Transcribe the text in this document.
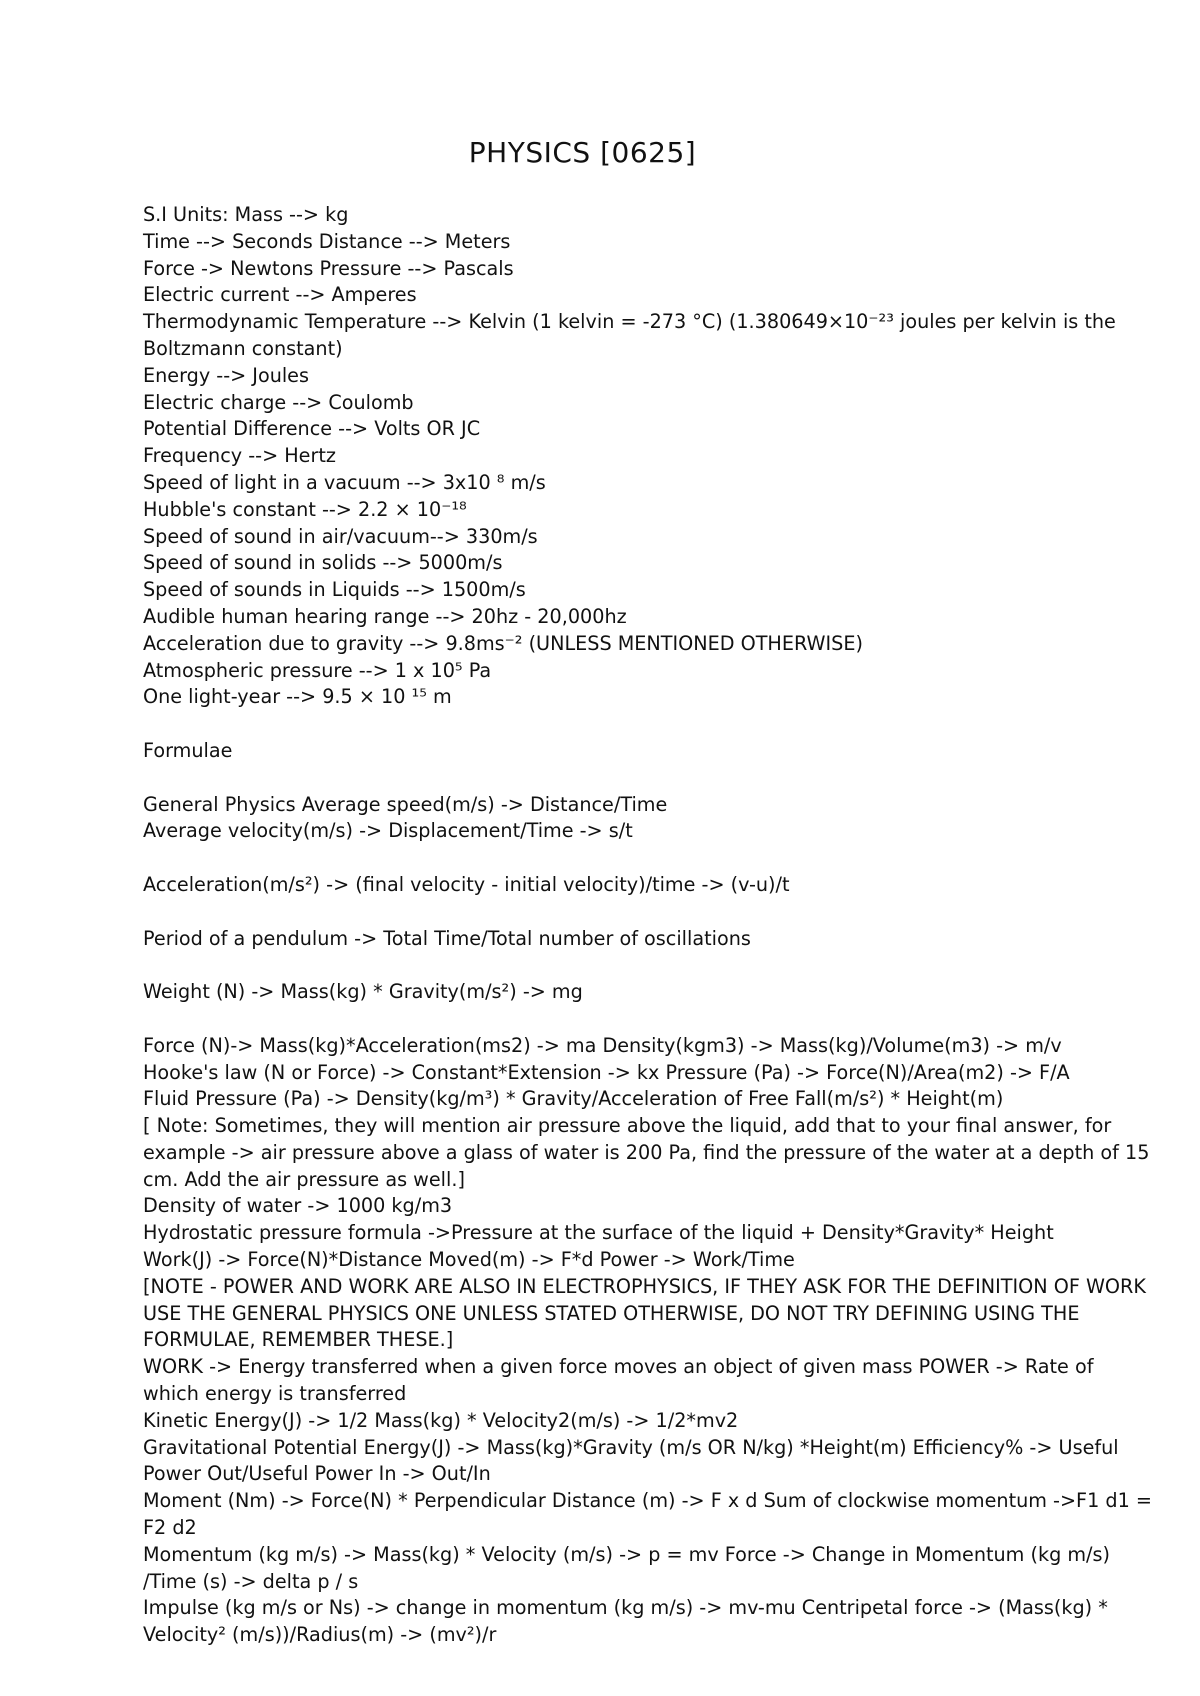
PHYSICS [0625]
S.I Units: Mass --> kg
Time --> Seconds Distance --> Meters
Force -> Newtons Pressure --> Pascals
Electric current --> Amperes
Thermodynamic Temperature --> Kelvin (1 kelvin = -273 °C) (1.380649×10⁻²³ joules per kelvin is the Boltzmann constant)
Energy --> Joules
Electric charge --> Coulomb
Potential Difference --> Volts OR JC
Frequency --> Hertz
Speed of light in a vacuum --> 3x10 ⁸ m/s
Hubble's constant --> 2.2 × 10⁻¹⁸
Speed of sound in air/vacuum--> 330m/s
Speed of sound in solids --> 5000m/s
Speed of sounds in Liquids --> 1500m/s
Audible human hearing range --> 20hz - 20,000hz
Acceleration due to gravity --> 9.8ms⁻² (UNLESS MENTIONED OTHERWISE)
Atmospheric pressure --> 1 x 10⁵ Pa
One light-year --> 9.5 × 10 ¹⁵ m
Formulae
General Physics Average speed(m/s) -> Distance/Time
Average velocity(m/s) -> Displacement/Time -> s/t
Acceleration(m/s²) -> (final velocity - initial velocity)/time -> (v-u)/t
Period of a pendulum -> Total Time/Total number of oscillations
Weight (N) -> Mass(kg) * Gravity(m/s²) -> mg
Force (N)-> Mass(kg)*Acceleration(ms2) -> ma Density(kgm3) -> Mass(kg)/Volume(m3) -> m/v
Hooke's law (N or Force) -> Constant*Extension -> kx Pressure (Pa) -> Force(N)/Area(m2) -> F/A
Fluid Pressure (Pa) -> Density(kg/m³) * Gravity/Acceleration of Free Fall(m/s²) * Height(m)
[ Note: Sometimes, they will mention air pressure above the liquid, add that to your final answer, for example -> air pressure above a glass of water is 200 Pa, find the pressure of the water at a depth of 15 cm. Add the air pressure as well.]
Density of water -> 1000 kg/m3
Hydrostatic pressure formula ->Pressure at the surface of the liquid + Density*Gravity* Height
Work(J) -> Force(N)*Distance Moved(m) -> F*d Power -> Work/Time
[NOTE - POWER AND WORK ARE ALSO IN ELECTROPHYSICS, IF THEY ASK FOR THE DEFINITION OF WORK USE THE GENERAL PHYSICS ONE UNLESS STATED OTHERWISE, DO NOT TRY DEFINING USING THE FORMULAE, REMEMBER THESE.]
WORK -> Energy transferred when a given force moves an object of given mass POWER -> Rate of which energy is transferred
Kinetic Energy(J) -> 1/2 Mass(kg) * Velocity2(m/s) -> 1/2*mv2
Gravitational Potential Energy(J) -> Mass(kg)*Gravity (m/s OR N/kg) *Height(m) Efficiency% -> Useful Power Out/Useful Power In -> Out/In
Moment (Nm) -> Force(N) * Perpendicular Distance (m) -> F x d Sum of clockwise momentum ->F1 d1 = F2 d2
Momentum (kg m/s) -> Mass(kg) * Velocity (m/s) -> p = mv Force -> Change in Momentum (kg m/s) /Time (s) -> delta p / s
Impulse (kg m/s or Ns) -> change in momentum (kg m/s) -> mv-mu Centripetal force -> (Mass(kg) * Velocity² (m/s))/Radius(m) -> (mv²)/r
